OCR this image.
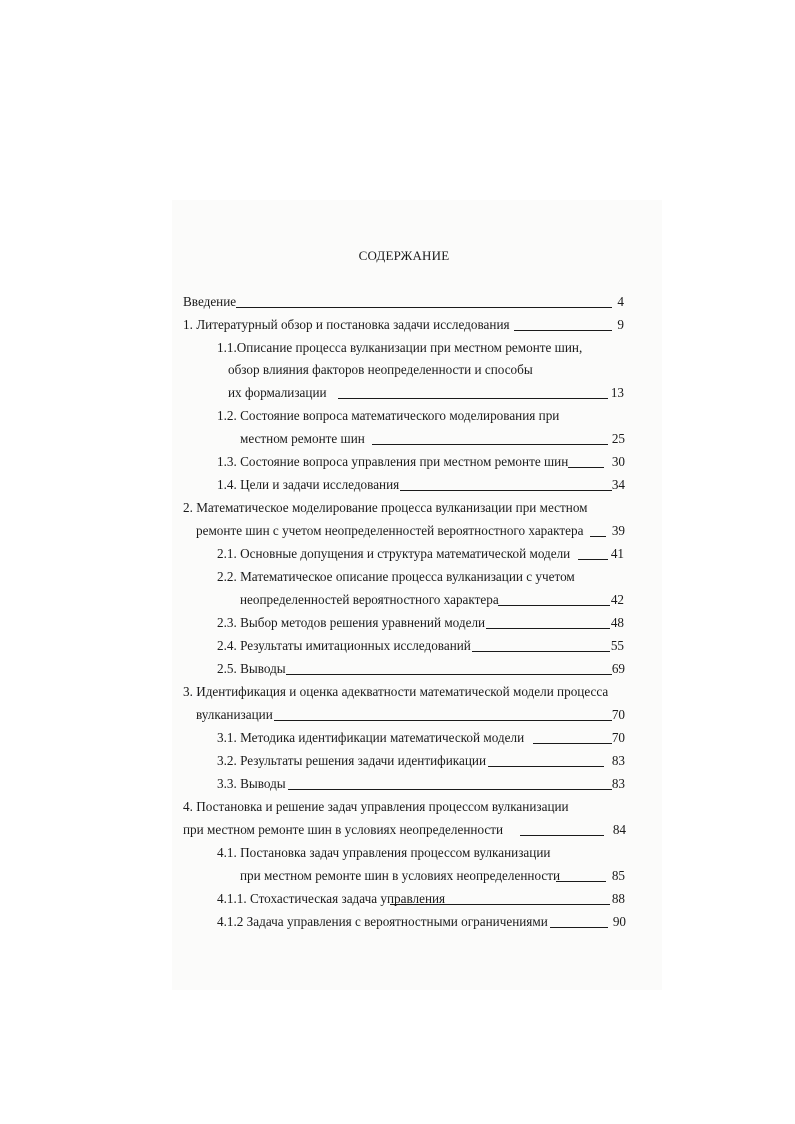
СОДЕРЖАНИЕ
Введение	4
1. Литературный обзор и постановка задачи исследования	9
1.1.Описание процесса вулканизации при местном ремонте шин,
обзор влияния факторов неопределенности и способы
их формализации	13
1.2. Состояние вопроса математического моделирования при
местном ремонте шин	25
1.3. Состояние вопроса управления при местном ремонте шин	30
1.4. Цели и задачи исследования	34
2. Математическое моделирование процесса вулканизации при местном
ремонте шин с учетом неопределенностей вероятностного характера	39
2.1. Основные допущения и структура математической модели	41
2.2. Математическое описание процесса вулканизации с учетом
неопределенностей вероятностного характера	42
2.3. Выбор методов решения уравнений модели	48
2.4. Результаты имитационных исследований	55
2.5. Выводы	69
3. Идентификация и оценка адекватности математической модели процесса
вулканизации	70
3.1. Методика идентификации математической модели	70
3.2. Результаты решения задачи идентификации	83
3.3. Выводы	83
4. Постановка и решение задач управления процессом вулканизации
при местном ремонте шин в условиях неопределенности	84
4.1. Постановка задач управления процессом вулканизации
при местном ремонте шин в условиях неопределенности	85
4.1.1. Стохастическая задача управления	88
4.1.2 Задача управления с вероятностными ограничениями	90
